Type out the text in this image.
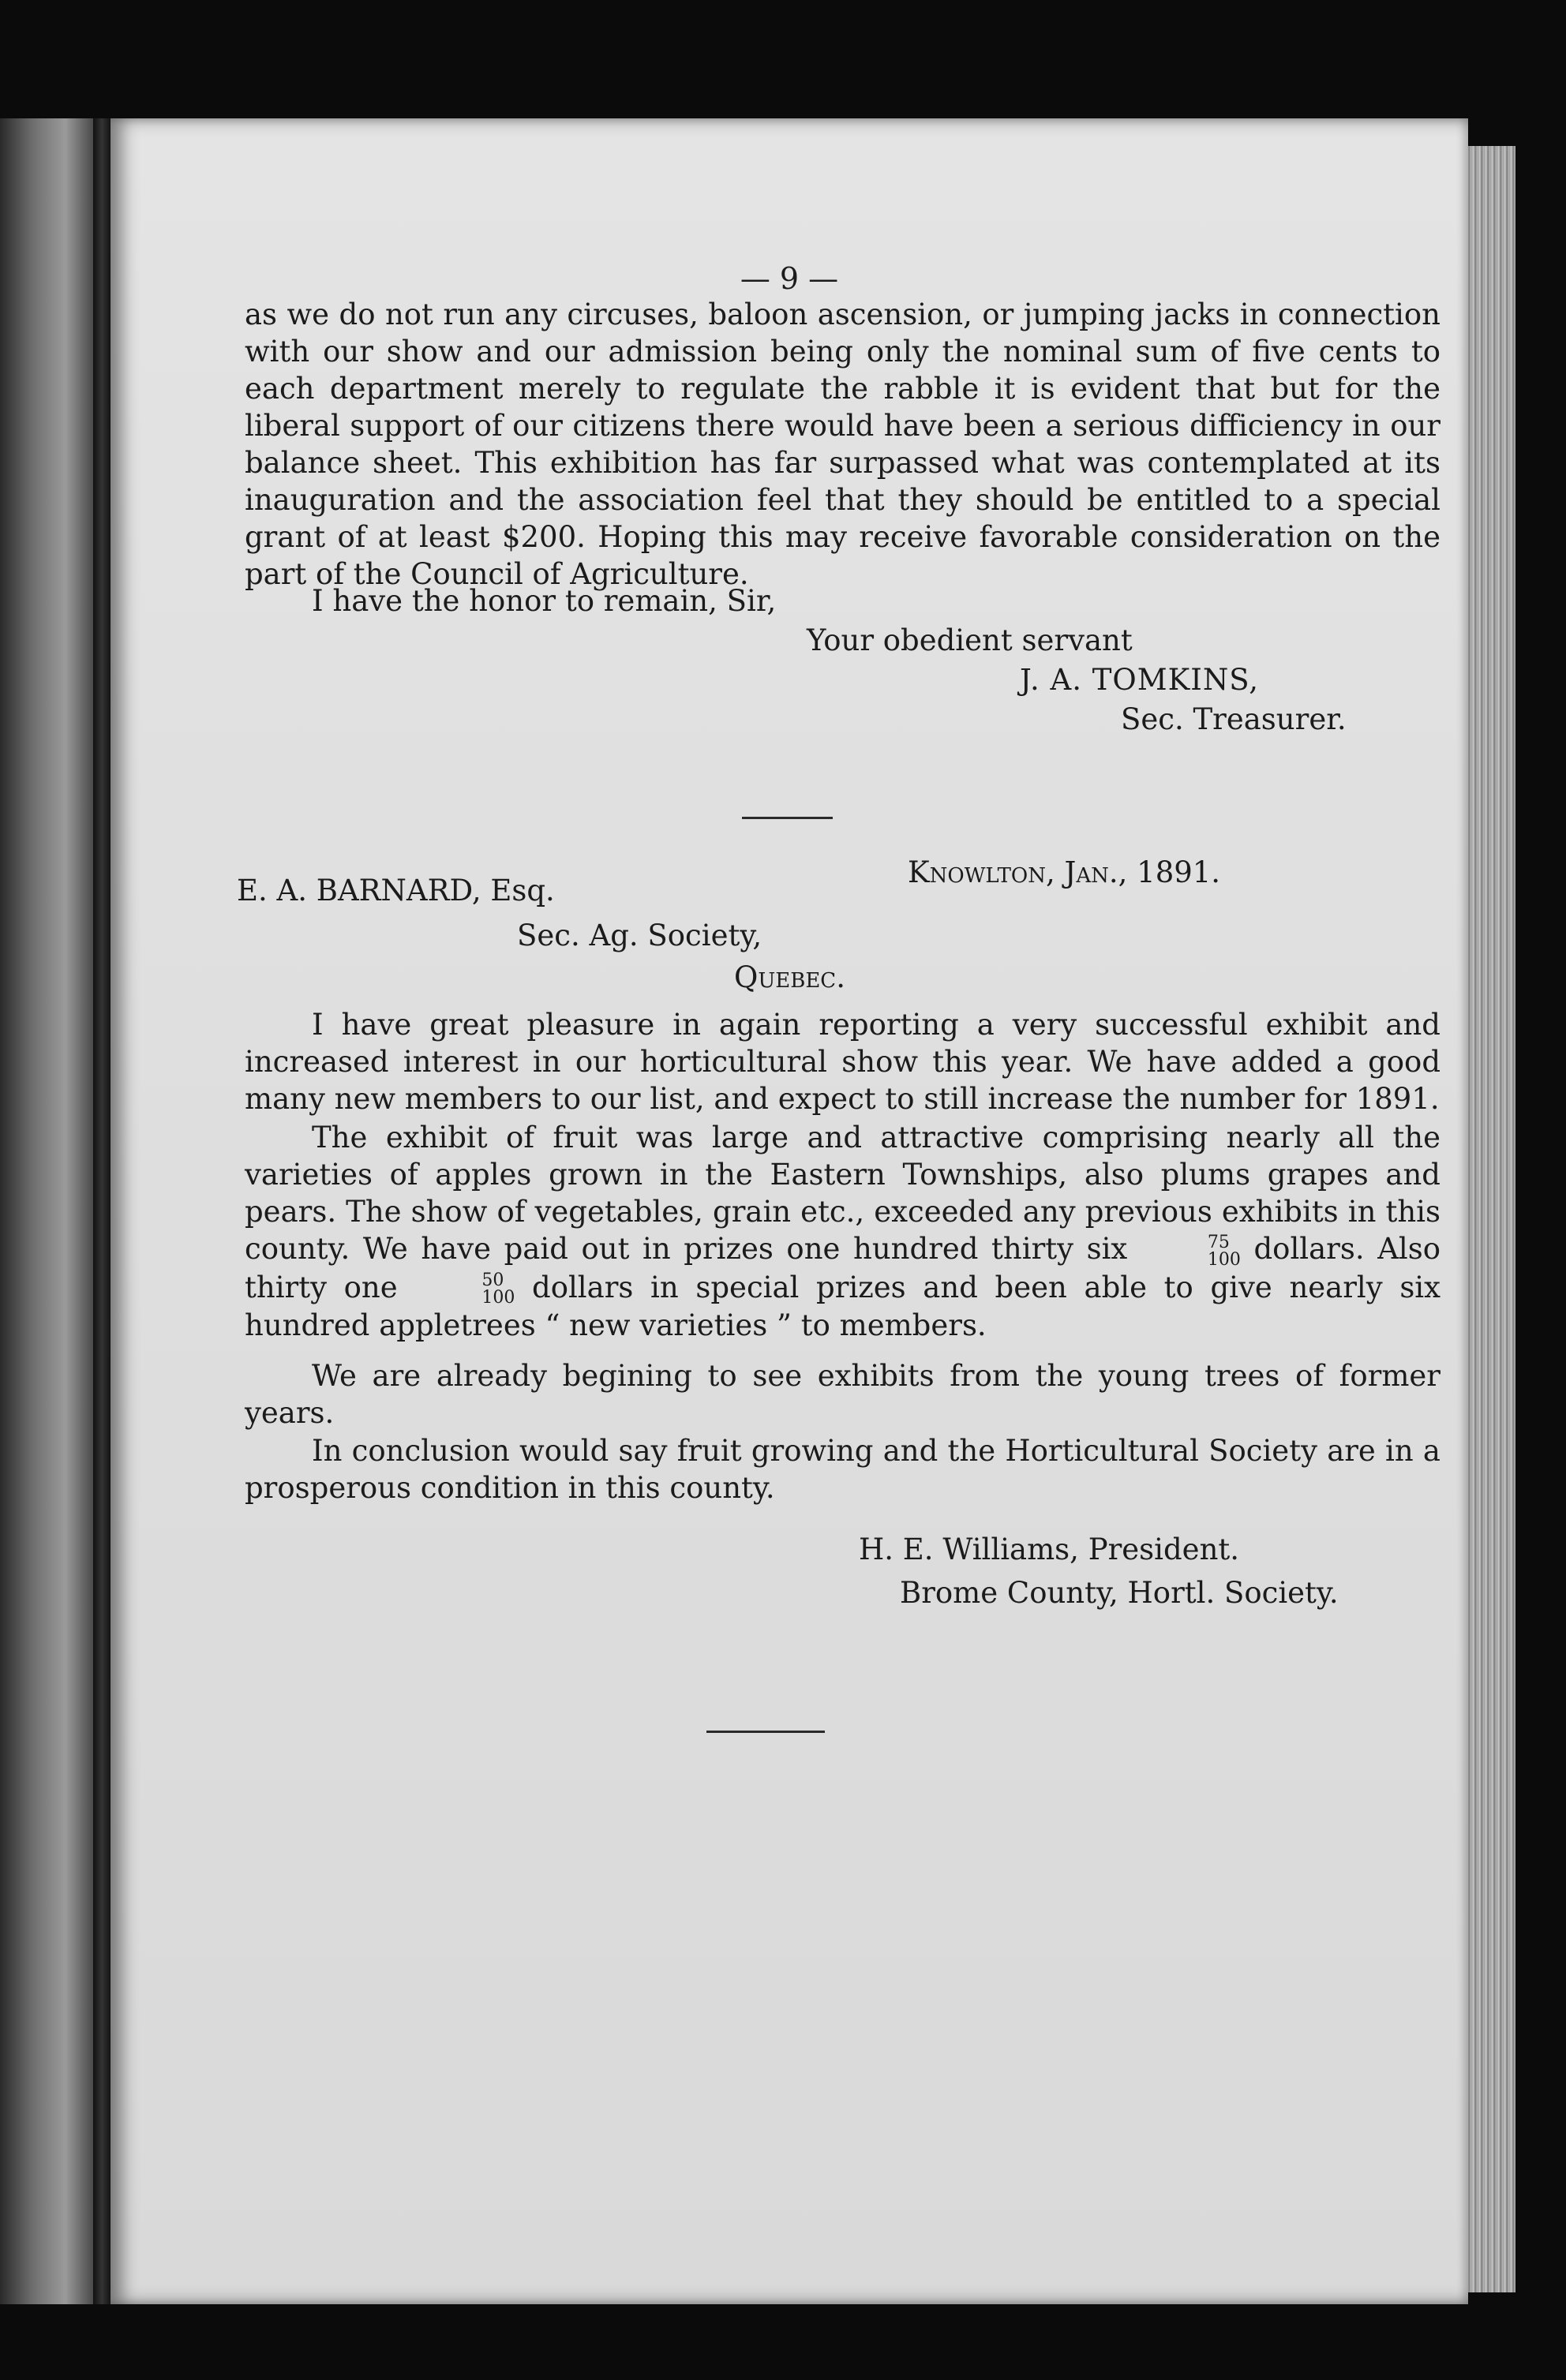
— 9 —

as we do not run any circuses, baloon ascension, or jumping jacks in connection with our show and our admission being only the nominal sum of five cents to each department merely to regulate the rabble it is evident that but for the liberal support of our citizens there would have been a serious difficiency in our balance sheet. This exhibition has far surpassed what was contemplated at its inauguration and the association feel that they should be entitled to a special grant of at least $200. Hoping this may receive favorable consideration on the part of the Council of Agriculture.

I have the honor to remain, Sir,
Your obedient servant
J. A. TOMKINS,
Sec. Treasurer.
Knowlton, Jan., 1891.
E. A. BARNARD, Esq.
Sec. Ag. Society,
Quebec.

I have great pleasure in again reporting a very successful exhibit and increased interest in our horticultural show this year. We have added a good many new members to our list, and expect to still increase the number for 1891.

The exhibit of fruit was large and attractive comprising nearly all the varieties of apples grown in the Eastern Townships, also plums grapes and pears. The show of vegetables, grain etc., exceeded any previous exhibits in this county. We have paid out in prizes one hundred thirty six	75
100 dollars. Also thirty one	50
100 dollars in special prizes and been able to give nearly six hundred appletrees “ new varieties ” to members.

We are already begining to see exhibits from the young trees of former years.

In conclusion would say fruit growing and the Horticultural Society are in a prosperous condition in this county.

H. E. Williams, President.
Brome County, Hortl. Society.
